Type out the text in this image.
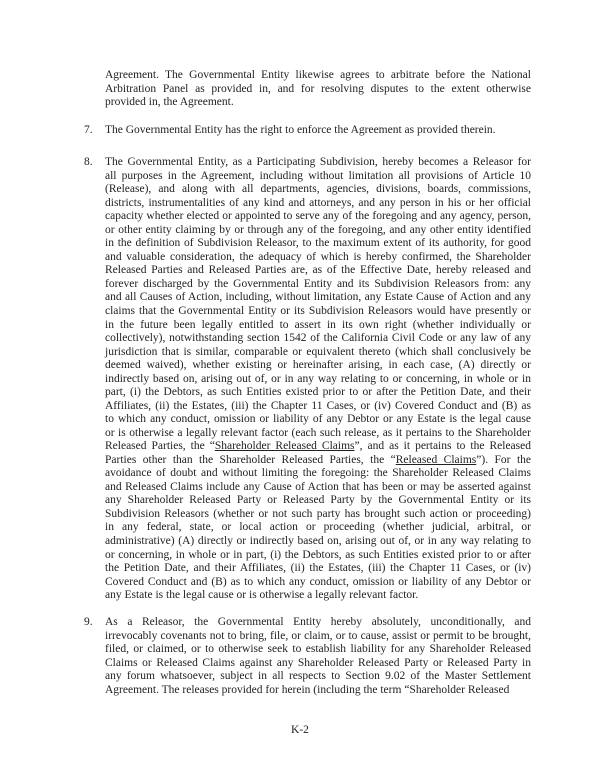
Agreement. The Governmental Entity likewise agrees to arbitrate before the National
Arbitration Panel as provided in, and for resolving disputes to the extent otherwise
provided in, the Agreement.
7. The Governmental Entity has the right to enforce the Agreement as provided therein.
8. The Governmental Entity, as a Participating Subdivision, hereby becomes a Releasor for
all purposes in the Agreement, including without limitation all provisions of Article 10
(Release), and along with all departments, agencies, divisions, boards, commissions,
districts, instrumentalities of any kind and attorneys, and any person in his or her official
capacity whether elected or appointed to serve any of the foregoing and any agency, person,
or other entity claiming by or through any of the foregoing, and any other entity identified
in the definition of Subdivision Releasor, to the maximum extent of its authority, for good
and valuable consideration, the adequacy of which is hereby confirmed, the Shareholder
Released Parties and Released Parties are, as of the Effective Date, hereby released and
forever discharged by the Governmental Entity and its Subdivision Releasors from: any
and all Causes of Action, including, without limitation, any Estate Cause of Action and any
claims that the Governmental Entity or its Subdivision Releasors would have presently or
in the future been legally entitled to assert in its own right (whether individually or
collectively), notwithstanding section 1542 of the California Civil Code or any law of any
jurisdiction that is similar, comparable or equivalent thereto (which shall conclusively be
deemed waived), whether existing or hereinafter arising, in each case, (A) directly or
indirectly based on, arising out of, or in any way relating to or concerning, in whole or in
part, (i) the Debtors, as such Entities existed prior to or after the Petition Date, and their
Affiliates, (ii) the Estates, (iii) the Chapter 11 Cases, or (iv) Covered Conduct and (B) as
to which any conduct, omission or liability of any Debtor or any Estate is the legal cause
or is otherwise a legally relevant factor (each such release, as it pertains to the Shareholder
Released Parties, the “Shareholder Released Claims”, and as it pertains to the Released
Parties other than the Shareholder Released Parties, the “Released Claims”). For the
avoidance of doubt and without limiting the foregoing: the Shareholder Released Claims
and Released Claims include any Cause of Action that has been or may be asserted against
any Shareholder Released Party or Released Party by the Governmental Entity or its
Subdivision Releasors (whether or not such party has brought such action or proceeding)
in any federal, state, or local action or proceeding (whether judicial, arbitral, or
administrative) (A) directly or indirectly based on, arising out of, or in any way relating to
or concerning, in whole or in part, (i) the Debtors, as such Entities existed prior to or after
the Petition Date, and their Affiliates, (ii) the Estates, (iii) the Chapter 11 Cases, or (iv)
Covered Conduct and (B) as to which any conduct, omission or liability of any Debtor or
any Estate is the legal cause or is otherwise a legally relevant factor.
9. As a Releasor, the Governmental Entity hereby absolutely, unconditionally, and
irrevocably covenants not to bring, file, or claim, or to cause, assist or permit to be brought,
filed, or claimed, or to otherwise seek to establish liability for any Shareholder Released
Claims or Released Claims against any Shareholder Released Party or Released Party in
any forum whatsoever, subject in all respects to Section 9.02 of the Master Settlement
Agreement. The releases provided for herein (including the term “Shareholder Released
K-2
